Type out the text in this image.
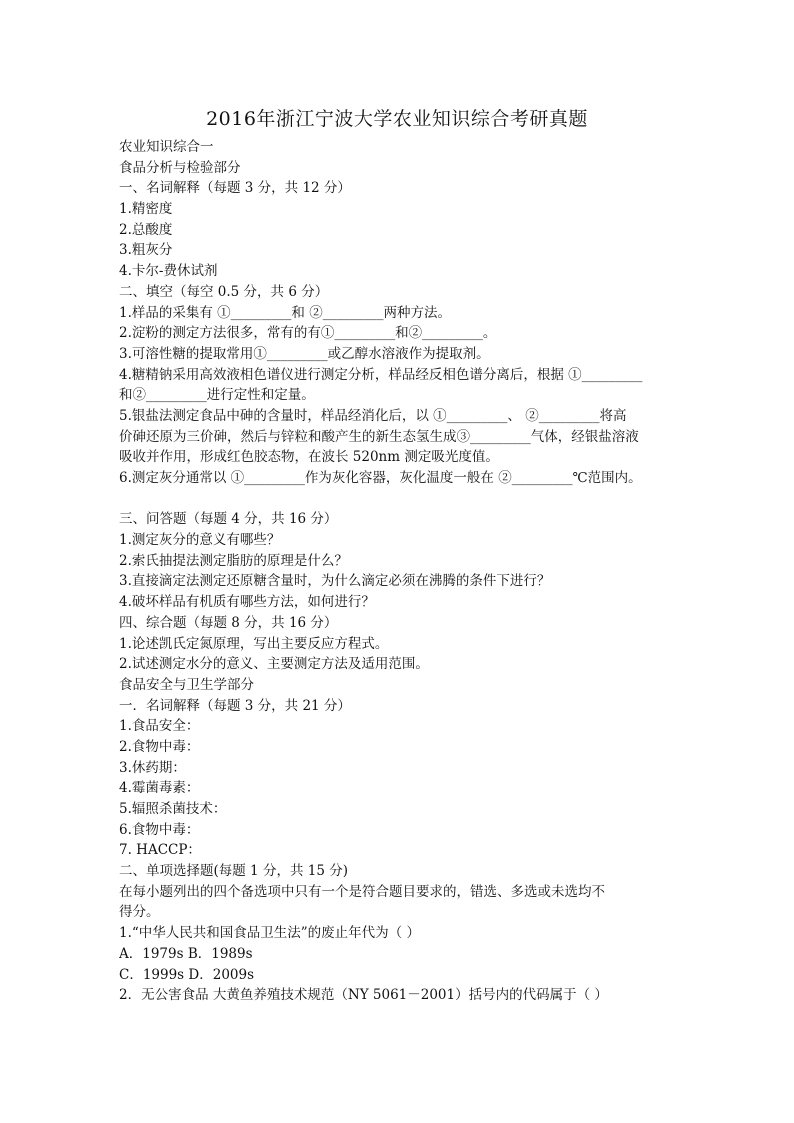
2016年浙江宁波大学农业知识综合考研真题
农业知识综合一
食品分析与检验部分
一、名词解释（每题 3 分，共 12 分）
1.精密度
2.总酸度
3.粗灰分
4.卡尔-费休试剂
二、填空（每空 0.5 分，共 6 分）
1.样品的采集有 ①_________和 ②_________两种方法。
2.淀粉的测定方法很多，常有的有①_________和②_________。
3.可溶性糖的提取常用①_________或乙醇水溶液作为提取剂。
4.糖精钠采用高效液相色谱仪进行测定分析，样品经反相色谱分离后，根据 ①_________
和②_________进行定性和定量。
5.银盐法测定食品中砷的含量时，样品经消化后，以 ①_________、 ②_________将高
价砷还原为三价砷，然后与锌粒和酸产生的新生态氢生成③_________气体，经银盐溶液
吸收并作用，形成红色胶态物，在波长 520nm 测定吸光度值。
6.测定灰分通常以 ①_________作为灰化容器，灰化温度一般在 ②_________℃范围内。
三、问答题（每题 4 分，共 16 分）
1.测定灰分的意义有哪些？
2.索氏抽提法测定脂肪的原理是什么？
3.直接滴定法测定还原糖含量时，为什么滴定必须在沸腾的条件下进行？
4.破坏样品有机质有哪些方法，如何进行？
四、综合题（每题 8 分，共 16 分）
1.论述凯氏定氮原理，写出主要反应方程式。
2.试述测定水分的意义、主要测定方法及适用范围。
食品安全与卫生学部分
一．名词解释（每题 3 分，共 21 分）
1.食品安全：
2.食物中毒：
3.休药期：
4.霉菌毒素：
5.辐照杀菌技术：
6.食物中毒：
7. HACCP：
二、单项选择题(每题 1 分，共 15 分)
在每小题列出的四个备选项中只有一个是符合题目要求的，错选、多选或未选均不
得分。
1.“中华人民共和国食品卫生法”的废止年代为（ ）
A．1979s B．1989s
C．1999s D．2009s
2．无公害食品 大黄鱼养殖技术规范（NY 5061－2001）括号内的代码属于（ ）
